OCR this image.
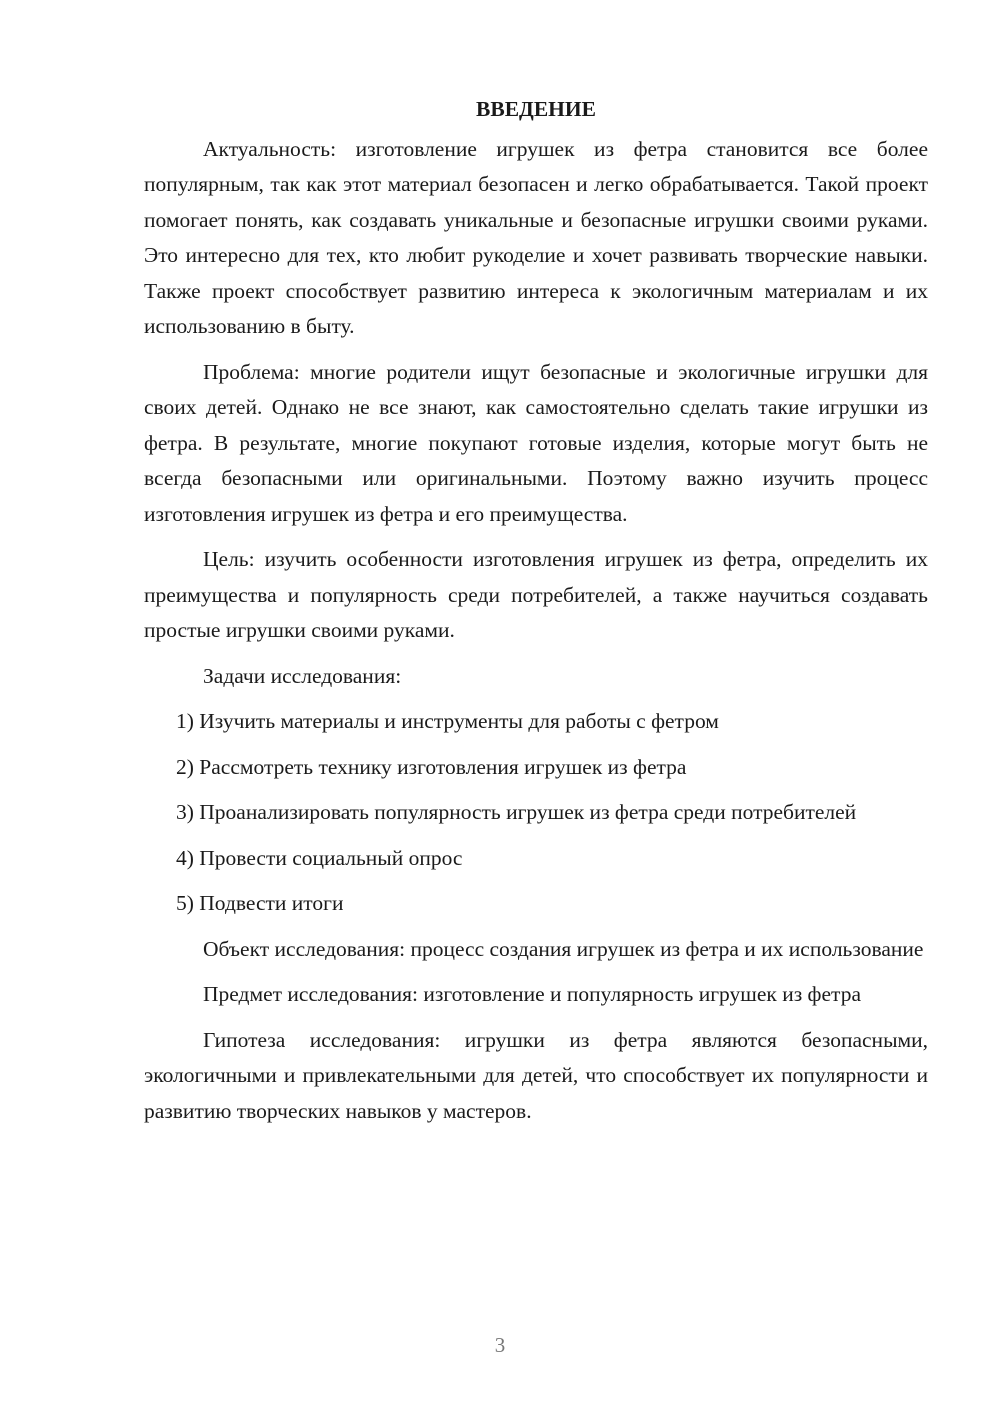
ВВЕДЕНИЕ

Актуальность: изготовление игрушек из фетра становится все более популярным, так как этот материал безопасен и легко обрабатывается. Такой проект помогает понять, как создавать уникальные и безопасные игрушки своими руками. Это интересно для тех, кто любит рукоделие и хочет развивать творческие навыки. Также проект способствует развитию интереса к экологичным материалам и их использованию в быту.

Проблема: многие родители ищут безопасные и экологичные игрушки для своих детей. Однако не все знают, как самостоятельно сделать такие игрушки из фетра. В результате, многие покупают готовые изделия, которые могут быть не всегда безопасными или оригинальными. Поэтому важно изучить процесс изготовления игрушек из фетра и его преимущества.

Цель: изучить особенности изготовления игрушек из фетра, определить их преимущества и популярность среди потребителей, а также научиться создавать простые игрушки своими руками.

Задачи исследования:

1) Изучить материалы и инструменты для работы с фетром

2) Рассмотреть технику изготовления игрушек из фетра

3) Проанализировать популярность игрушек из фетра среди потребителей

4) Провести социальный опрос

5) Подвести итоги

Объект исследования: процесс создания игрушек из фетра и их использование

Предмет исследования: изготовление и популярность игрушек из фетра

Гипотеза исследования: игрушки из фетра являются безопасными, экологичными и привлекательными для детей, что способствует их популярности и развитию творческих навыков у мастеров.

3
